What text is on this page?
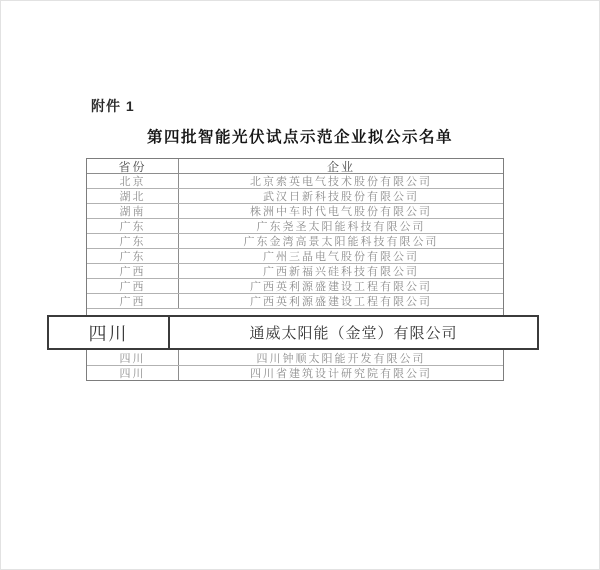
附件 1
第四批智能光伏试点示范企业拟公示名单
省份	企业
北京	北京索英电气技术股份有限公司
湖北	武汉日新科技股份有限公司
湖南	株洲中车时代电气股份有限公司
广东	广东尧圣太阳能科技有限公司
广东	广东金湾高景太阳能科技有限公司
广东	广州三晶电气股份有限公司
广西	广西新福兴硅科技有限公司
广西	广西英利源盛建设工程有限公司
广西	广西英利源盛建设工程有限公司
四川	通威太阳能（金堂）有限公司
四川	四川钟顺太阳能开发有限公司
四川	四川省建筑设计研究院有限公司
